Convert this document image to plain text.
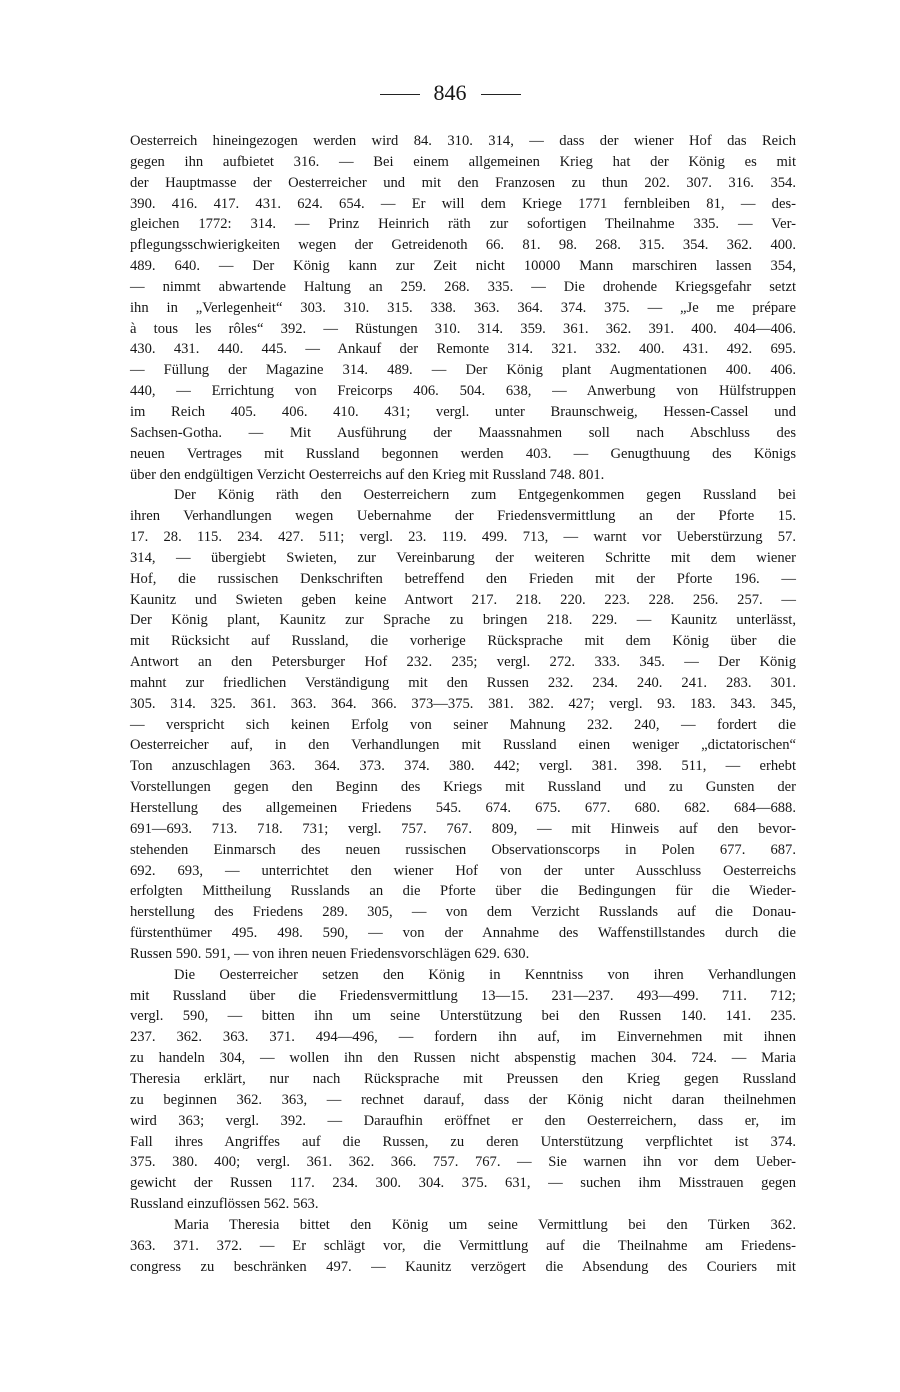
846
Oesterreich hineingezogen werden wird 84. 310. 314, — dass der wiener Hof das Reich
gegen ihn aufbietet 316. — Bei einem allgemeinen Krieg hat der König es mit
der Hauptmasse der Oesterreicher und mit den Franzosen zu thun 202. 307. 316. 354.
390. 416. 417. 431. 624. 654. — Er will dem Kriege 1771 fernbleiben 81, — des-
gleichen 1772: 314. — Prinz Heinrich räth zur sofortigen Theilnahme 335. — Ver-
pflegungsschwierigkeiten wegen der Getreidenoth 66. 81. 98. 268. 315. 354. 362. 400.
489. 640. — Der König kann zur Zeit nicht 10000 Mann marschiren lassen 354,
— nimmt abwartende Haltung an 259. 268. 335. — Die drohende Kriegsgefahr setzt
ihn in „Verlegenheit“ 303. 310. 315. 338. 363. 364. 374. 375. — „Je me prépare
à tous les rôles“ 392. — Rüstungen 310. 314. 359. 361. 362. 391. 400. 404—406.
430. 431. 440. 445. — Ankauf der Remonte 314. 321. 332. 400. 431. 492. 695.
— Füllung der Magazine 314. 489. — Der König plant Augmentationen 400. 406.
440, — Errichtung von Freicorps 406. 504. 638, — Anwerbung von Hülfstruppen
im Reich 405. 406. 410. 431; vergl. unter Braunschweig, Hessen-Cassel und
Sachsen-Gotha. — Mit Ausführung der Maassnahmen soll nach Abschluss des
neuen Vertrages mit Russland begonnen werden 403. — Genugthuung des Königs
über den endgültigen Verzicht Oesterreichs auf den Krieg mit Russland 748. 801.
Der König räth den Oesterreichern zum Entgegenkommen gegen Russland bei
ihren Verhandlungen wegen Uebernahme der Friedensvermittlung an der Pforte 15.
17. 28. 115. 234. 427. 511; vergl. 23. 119. 499. 713, — warnt vor Ueberstürzung 57.
314, — übergiebt Swieten, zur Vereinbarung der weiteren Schritte mit dem wiener
Hof, die russischen Denkschriften betreffend den Frieden mit der Pforte 196. —
Kaunitz und Swieten geben keine Antwort 217. 218. 220. 223. 228. 256. 257. —
Der König plant, Kaunitz zur Sprache zu bringen 218. 229. — Kaunitz unterlässt,
mit Rücksicht auf Russland, die vorherige Rücksprache mit dem König über die
Antwort an den Petersburger Hof 232. 235; vergl. 272. 333. 345. — Der König
mahnt zur friedlichen Verständigung mit den Russen 232. 234. 240. 241. 283. 301.
305. 314. 325. 361. 363. 364. 366. 373—375. 381. 382. 427; vergl. 93. 183. 343. 345,
— verspricht sich keinen Erfolg von seiner Mahnung 232. 240, — fordert die
Oesterreicher auf, in den Verhandlungen mit Russland einen weniger „dictatorischen“
Ton anzuschlagen 363. 364. 373. 374. 380. 442; vergl. 381. 398. 511, — erhebt
Vorstellungen gegen den Beginn des Kriegs mit Russland und zu Gunsten der
Herstellung des allgemeinen Friedens 545. 674. 675. 677. 680. 682. 684—688.
691—693. 713. 718. 731; vergl. 757. 767. 809, — mit Hinweis auf den bevor-
stehenden Einmarsch des neuen russischen Observationscorps in Polen 677. 687.
692. 693, — unterrichtet den wiener Hof von der unter Ausschluss Oesterreichs
erfolgten Mittheilung Russlands an die Pforte über die Bedingungen für die Wieder-
herstellung des Friedens 289. 305, — von dem Verzicht Russlands auf die Donau-
fürstenthümer 495. 498. 590, — von der Annahme des Waffenstillstandes durch die
Russen 590. 591, — von ihren neuen Friedensvorschlägen 629. 630.
Die Oesterreicher setzen den König in Kenntniss von ihren Verhandlungen
mit Russland über die Friedensvermittlung 13—15. 231—237. 493—499. 711. 712;
vergl. 590, — bitten ihn um seine Unterstützung bei den Russen 140. 141. 235.
237. 362. 363. 371. 494—496, — fordern ihn auf, im Einvernehmen mit ihnen
zu handeln 304, — wollen ihn den Russen nicht abspenstig machen 304. 724. — Maria
Theresia erklärt, nur nach Rücksprache mit Preussen den Krieg gegen Russland
zu beginnen 362. 363, — rechnet darauf, dass der König nicht daran theilnehmen
wird 363; vergl. 392. — Daraufhin eröffnet er den Oesterreichern, dass er, im
Fall ihres Angriffes auf die Russen, zu deren Unterstützung verpflichtet ist 374.
375. 380. 400; vergl. 361. 362. 366. 757. 767. — Sie warnen ihn vor dem Ueber-
gewicht der Russen 117. 234. 300. 304. 375. 631, — suchen ihm Misstrauen gegen
Russland einzuflössen 562. 563.
Maria Theresia bittet den König um seine Vermittlung bei den Türken 362.
363. 371. 372. — Er schlägt vor, die Vermittlung auf die Theilnahme am Friedens-
congress zu beschränken 497. — Kaunitz verzögert die Absendung des Couriers mit
